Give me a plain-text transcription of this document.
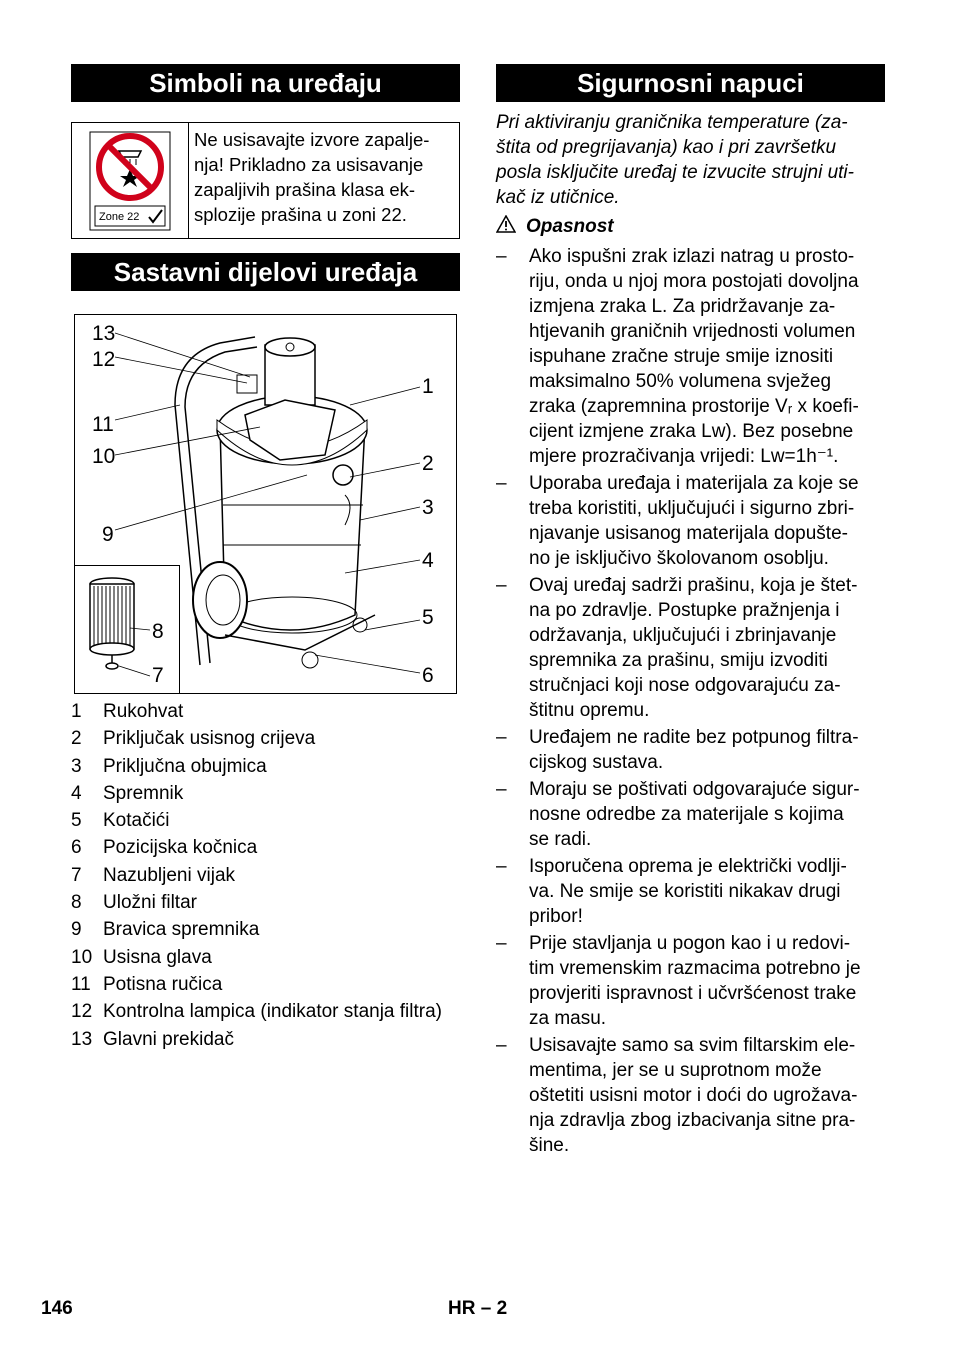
Simboli na uređaju
Zone 22
Ne usisavajte izvore zapalje-
nja! Prikladno za usisavanje
zapaljivih prašina klasa ek-
splozije prašina u zoni 22.
Sastavni dijelovi uređaja
13
12
1
11
10	2
3
9
4
5
8
7	6
1	Rukohvat
2	Priključak usisnog crijeva
3	Priključna obujmica
4	Spremnik
5	Kotačići
6	Pozicijska kočnica
7	Nazubljeni vijak
8	Uložni filtar
9	Bravica spremnika
10 Usisna glava
11 Potisna ručica
12 Kontrolna lampica (indikator stanja filtra)
13 Glavni prekidač
Sigurnosni napuci
Pri aktiviranju graničnika temperature (za-
štita od pregrijavanja) kao i pri završetku
posla isključite uređaj te izvucite strujni uti-
kač iz utičnice.
Opasnost
–	Ako ispušni zrak izlazi natrag u prosto-
riju, onda u njoj mora postojati dovoljna
izmjena zraka L. Za pridržavanje za-
htjevanih graničnih vrijednosti volumen
ispuhane zračne struje smije iznositi
maksimalno 50% volumena svježeg
zraka (zapremnina prostorije Vᵣ x koefi-
cijent izmjene zraka Lᴡ). Bez posebne
mjere prozračivanja vrijedi: Lᴡ=1h⁻¹.
–	Uporaba uređaja i materijala za koje se
treba koristiti, uključujući i sigurno zbri-
njavanje usisanog materijala dopušte-
no je isključivo školovanom osoblju.
–	Ovaj uređaj sadrži prašinu, koja je štet-
na po zdravlje. Postupke pražnjenja i
održavanja, uključujući i zbrinjavanje
spremnika za prašinu, smiju izvoditi
stručnjaci koji nose odgovarajuću za-
štitnu opremu.
–	Uređajem ne radite bez potpunog filtra-
cijskog sustava.
–	Moraju se poštivati odgovarajuće sigur-
nosne odredbe za materijale s kojima
se radi.
–	Isporučena oprema je električki vodlji-
va. Ne smije se koristiti nikakav drugi
pribor!
–	Prije stavljanja u pogon kao i u redovi-
tim vremenskim razmacima potrebno je
provjeriti ispravnost i učvršćenost trake
za masu.
–	Usisavajte samo sa svim filtarskim ele-
mentima, jer se u suprotnom može
oštetiti usisni motor i doći do ugrožava-
nja zdravlja zbog izbacivanja sitne pra-
šine.
146	HR – 2
